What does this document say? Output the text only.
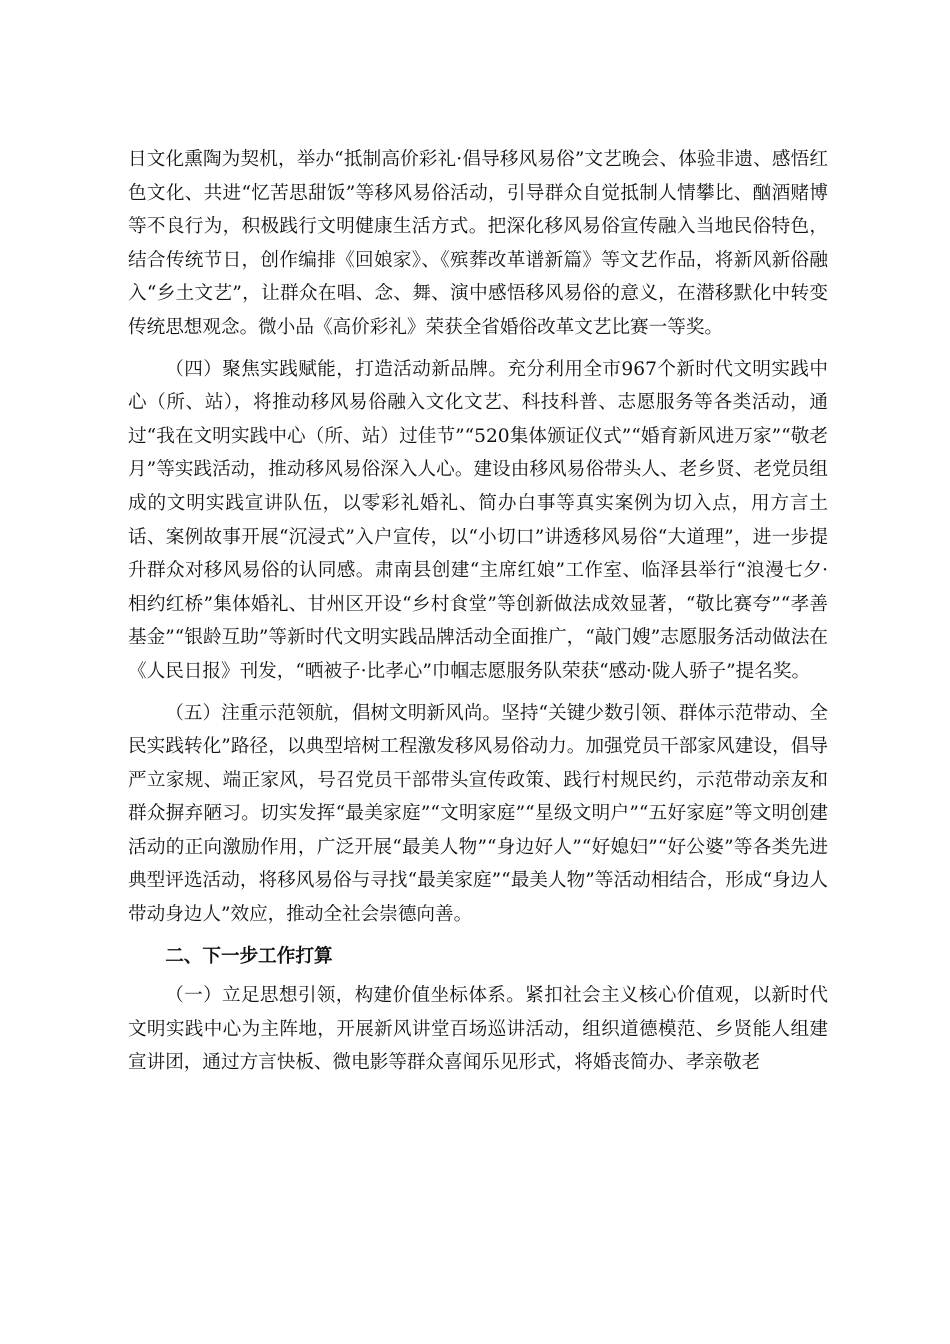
日文化熏陶为契机，举办“抵制高价彩礼·倡导移风易俗”文艺晚会、体验非遗、感悟红色文化、共进“忆苦思甜饭”等移风易俗活动，引导群众自觉抵制人情攀比、酗酒赌博等不良行为，积极践行文明健康生活方式。把深化移风易俗宣传融入当地民俗特色，结合传统节日，创作编排《回娘家》、《殡葬改革谱新篇》等文艺作品，将新风新俗融入“乡土文艺”，让群众在唱、念、舞、演中感悟移风易俗的意义，在潜移默化中转变传统思想观念。微小品《高价彩礼》荣获全省婚俗改革文艺比赛一等奖。

（四）聚焦实践赋能，打造活动新品牌。充分利用全市967个新时代文明实践中心（所、站），将推动移风易俗融入文化文艺、科技科普、志愿服务等各类活动，通过“我在文明实践中心（所、站）过佳节”“520集体颁证仪式”“婚育新风进万家”“敬老月”等实践活动，推动移风易俗深入人心。建设由移风易俗带头人、老乡贤、老党员组成的文明实践宣讲队伍，以零彩礼婚礼、简办白事等真实案例为切入点，用方言土话、案例故事开展“沉浸式”入户宣传，以“小切口”讲透移风易俗“大道理”，进一步提升群众对移风易俗的认同感。肃南县创建“主席红娘”工作室、临泽县举行“浪漫七夕·相约红桥”集体婚礼、甘州区开设“乡村食堂”等创新做法成效显著，“敬比赛夸”“孝善基金”“银龄互助”等新时代文明实践品牌活动全面推广，“敲门嫂”志愿服务活动做法在《人民日报》刊发，“晒被子·比孝心”巾帼志愿服务队荣获“感动·陇人骄子”提名奖。

（五）注重示范领航，倡树文明新风尚。坚持“关键少数引领、群体示范带动、全民实践转化”路径，以典型培树工程激发移风易俗动力。加强党员干部家风建设，倡导严立家规、端正家风，号召党员干部带头宣传政策、践行村规民约，示范带动亲友和群众摒弃陋习。切实发挥“最美家庭”“文明家庭”“星级文明户”“五好家庭”等文明创建活动的正向激励作用，广泛开展“最美人物”“身边好人”“好媳妇”“好公婆”等各类先进典型评选活动，将移风易俗与寻找“最美家庭”“最美人物”等活动相结合，形成“身边人带动身边人”效应，推动全社会崇德向善。

二、下一步工作打算

（一）立足思想引领，构建价值坐标体系。紧扣社会主义核心价值观，以新时代文明实践中心为主阵地，开展新风讲堂百场巡讲活动，组织道德模范、乡贤能人组建宣讲团，通过方言快板、微电影等群众喜闻乐见形式，将婚丧简办、孝亲敬老
